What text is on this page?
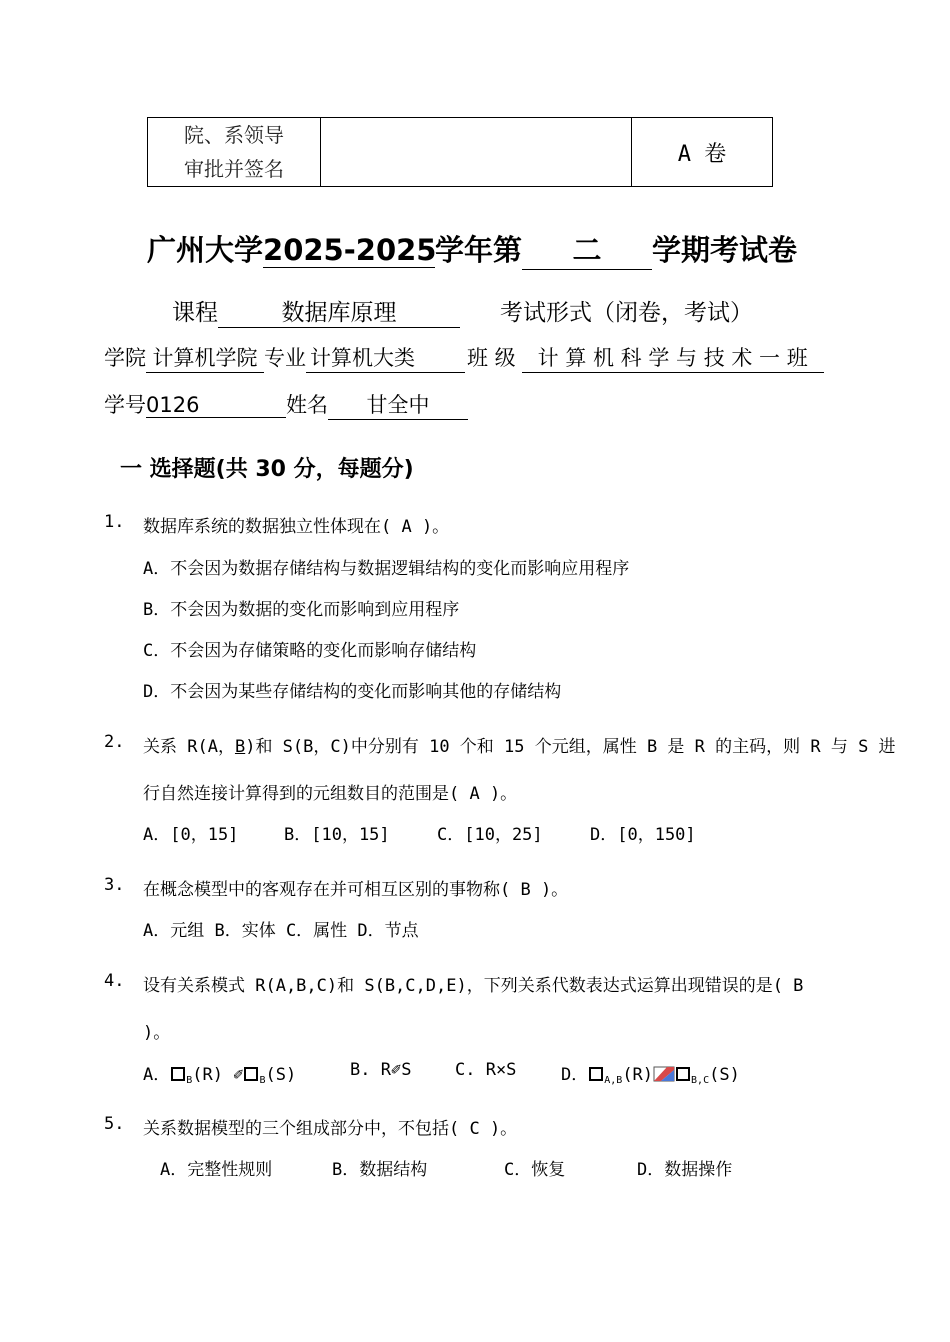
院、系领导
审批并签名
		A 卷
广州大学2025-2025学年第 二 学期考试卷
课程	数据库原理	考试形式（闭卷，考试）
学院 计算机学院 专业 计算机大类 班 级 计 算 机 科 学 与 技 术 一 班
学号0126	姓名 甘全中
一 选择题(共 30 分，每题分)
1. 数据库系统的数据独立性体现在( A )。
A．不会因为数据存储结构与数据逻辑结构的变化而影响应用程序
B．不会因为数据的变化而影响到应用程序
C．不会因为存储策略的变化而影响存储结构
D．不会因为某些存储结构的变化而影响其他的存储结构
2. 关系 R(A，B)和 S(B，C)中分别有 10 个和 15 个元组，属性 B 是 R 的主码，则 R 与 S 进
行自然连接计算得到的元组数目的范围是( A )。
A．[0，15]	B．[10，15]	C．[10，25]	D．[0，150]
3. 在概念模型中的客观存在并可相互区别的事物称( B )。
A．元组 B．实体 C．属性 D．节点
4. 设有关系模式 R(A,B,C)和 S(B,C,D,E)，下列关系代数表达式运算出现错误的是( B
)。
A． $_B$(R) ✐ $_B$(S)	B. R✐S	C. R×S	D． $_{A,B}$(R)	$_{B,C}$(S)
5. 关系数据模型的三个组成部分中，不包括( C )。
A．完整性规则	B．数据结构	C．恢复	D．数据操作
